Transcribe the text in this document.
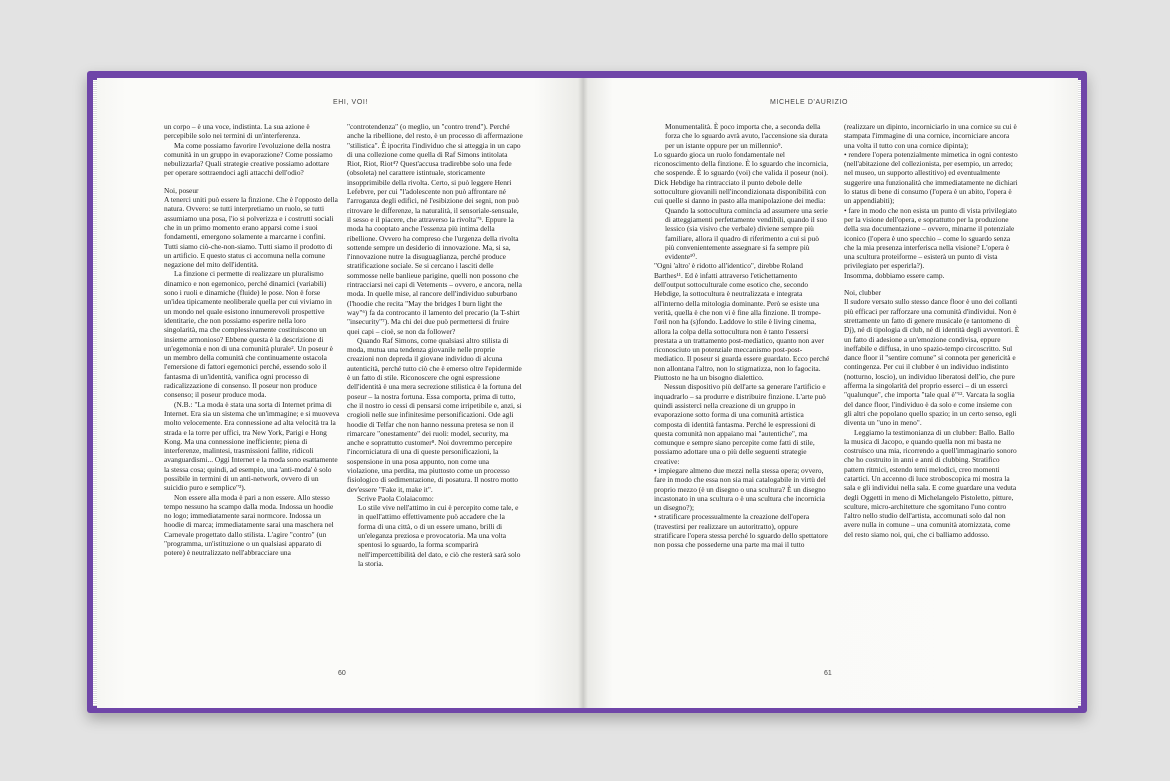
EHI, VOI!	MICHELE D'AURIZIO

un corpo – è una voce, indistinta. La sua azione è percepibile solo nei termini di un'interferenza.

Ma come possiamo favorire l'evoluzione della nostra comunità in un gruppo in evaporazione? Come possiamo nebulizzarla? Quali strategie creative possiamo adottare per operare sottraendoci agli attacchi dell'odio?

Noi, poseur

A tenerci uniti può essere la finzione. Che è l'opposto della natura. Ovvero: se tutti interpretiamo un ruolo, se tutti assumiamo una posa, l'io si polverizza e i costrutti sociali che in un primo momento erano apparsi come i suoi fondamenti, emergono solamente a marcarne i confini. Tutti siamo ciò-che-non-siamo. Tutti siamo il prodotto di un artificio. E questo status ci accomuna nella comune negazione del mito dell'identità.

La finzione ci permette di realizzare un pluralismo dinamico e non egemonico, perché dinamici (variabili) sono i ruoli e dinamiche (fluide) le pose. Non è forse un'idea tipicamente neoliberale quella per cui viviamo in un mondo nel quale esistono innumerevoli prospettive identitarie, che non possiamo esperire nella loro singolarità, ma che complessivamente costituiscono un insieme armonioso? Ebbene questa è la descrizione di un'egemonia e non di una comunità plurale². Un poseur è un membro della comunità che continuamente ostacola l'emersione di fattori egemonici perché, essendo solo il fantasma di un'identità, vanifica ogni processo di radicalizzazione di consenso. Il poseur non produce consenso; il poseur produce moda.

(N.B.: "La moda è stata una sorta di Internet prima di Internet. Era sia un sistema che un'immagine; e si muoveva molto velocemente. Era connessione ad alta velocità tra la strada e la torre per uffici, tra New York, Parigi e Hong Kong. Ma una connessione inefficiente; piena di interferenze, malintesi, trasmissioni fallite, ridicoli avanguardismi... Oggi Internet e la moda sono esattamente la stessa cosa; quindi, ad esempio, una 'anti-moda' è solo possibile in termini di un anti-network, ovvero di un suicidio puro e semplice"³).

Non essere alla moda è pari a non essere. Allo stesso tempo nessuno ha scampo dalla moda. Indossa un hoodie no logo; immediatamente sarai normcore. Indossa un hoodie di marca; immediatamente sarai una maschera nel Carnevale progettato dallo stilista. L'agire "contro" (un "programma, un'istituzione o un qualsiasi apparato di potere) è neutralizzato nell'abbracciare una

"controtendenza" (o meglio, un "contro trend"). Perché anche la ribellione, del resto, è un processo di affermazione "stilistica". È ipocrita l'individuo che si atteggia in un capo di una collezione come quella di Raf Simons intitolata Riot, Riot, Riot⁴? Quest'accusa tradirebbe solo una fede (obsoleta) nel carattere istintuale, storicamente insopprimibile della rivolta. Certo, si può leggere Henri Lefebvre, per cui "l'adolescente non può affrontare né l'arroganza degli edifici, né l'esibizione dei segni, non può ritrovare le differenze, la naturalità, il sensoriale-sensuale, il sesso e il piacere, che attraverso la rivolta"⁵. Eppure la moda ha cooptato anche l'essenza più intima della ribellione. Ovvero ha compreso che l'urgenza della rivolta sottende sempre un desiderio di innovazione. Ma, si sa, l'innovazione nutre la disuguaglianza, perché produce stratificazione sociale. Se si cercano i lasciti delle sommosse nelle banlieue parigine, quelli non possono che rintracciarsi nei capi di Vetements – ovvero, e ancora, nella moda. In quelle mise, al rancore dell'individuo suburbano (l'hoodie che recita "May the bridges I burn light the way"⁶) fa da controcanto il lamento del precario (la T-shirt "insecurity"⁷). Ma chi dei due può permettersi di fruire quei capi – cioè, se non da follower?

Quando Raf Simons, come qualsiasi altro stilista di moda, mutua una tendenza giovanile nelle proprie creazioni non depreda il giovane individuo di alcuna autenticità, perché tutto ciò che è emerso oltre l'epidermide è un fatto di stile. Riconoscere che ogni espressione dell'identità è una mera secrezione stilistica è la fortuna del poseur – la nostra fortuna. Essa comporta, prima di tutto, che il nostro io cessi di pensarsi come irripetibile e, anzi, si crogioli nelle sue infinitesime personificazioni. Ode agli hoodie di Telfar che non hanno nessuna pretesa se non il rimarcare "onestamente" dei ruoli: model, security, ma anche e soprattutto customer⁸. Noi dovremmo percepire l'incorniciatura di una di queste personificazioni, la sospensione in una posa appunto, non come una violazione, una perdita, ma piuttosto come un processo fisiologico di sedimentazione, di posatura. Il nostro motto dev'essere "Fake it, make it".

Scrive Paola Colaiacomo:

Lo stile vive nell'attimo in cui è percepito come tale, e in quell'attimo effettivamente può accadere che la forma di una città, o di un essere umano, brilli di un'eleganza preziosa e provocatoria. Ma una volta spentosi lo sguardo, la forma scomparirà nell'impercettibilità del dato, e ciò che resterà sarà solo la storia.

Monumentalità. È poco importa che, a seconda della forza che lo sguardo avrà avuto, l'accensione sia durata per un istante oppure per un millennio⁹.

Lo sguardo gioca un ruolo fondamentale nel riconoscimento della finzione. È lo sguardo che incornicia, che sospende. È lo sguardo (voi) che valida il poseur (noi). Dick Hebdige ha rintracciato il punto debole delle sottoculture giovanili nell'incondizionata disponibilità con cui quelle si danno in pasto alla manipolazione dei media:

Quando la sottocultura comincia ad assumere una serie di atteggiamenti perfettamente vendibili, quando il suo lessico (sia visivo che verbale) diviene sempre più familiare, allora il quadro di riferimento a cui si può più convenientemente assegnare si fa sempre più evidente¹⁰.

"Ogni 'altro' è ridotto all'identico", direbbe Roland Barthes¹¹. Ed è infatti attraverso l'etichettamento dell'output sottoculturale come esotico che, secondo Hebdige, la sottocultura è neutralizzata e integrata all'interno della mitologia dominante. Però se esiste una verità, quella è che non vi è fine alla finzione. Il trompe-l'œil non ha (s)fondo. Laddove lo stile è living cinema, allora la colpa della sottocultura non è tanto l'essersi prestata a un trattamento post-mediatico, quanto non aver riconosciuto un potenziale meccanismo post-post-mediatico. Il poseur si guarda essere guardato. Ecco perché non allontana l'altro, non lo stigmatizza, non lo fagocita. Piuttosto ne ha un bisogno dialettico.

Nessun dispositivo più dell'arte sa generare l'artificio e inquadrarlo – sa produrre e distribuire finzione. L'arte può quindi assistercì nella creazione di un gruppo in evaporazione sotto forma di una comunità artistica composta di identità fantasma. Perché le espressioni di questa comunità non appaiano mai "autentiche", ma comunque e sempre siano percepite come fatti di stile, possiamo adottare una o più delle seguenti strategie creative:

• impiegare almeno due mezzi nella stessa opera; ovvero, fare in modo che essa non sia mai catalogabile in virtù del proprio mezzo (è un disegno o una scultura? È un disegno incastonato in una scultura o è una scultura che incornicia un disegno?);

• stratificare processualmente la creazione dell'opera (travestirsi per realizzare un autoritratto), oppure stratificare l'opera stessa perché lo sguardo dello spettatore non possa che possederne una parte ma mai il tutto

(realizzare un dipinto, incorniciarlo in una cornice su cui è stampata l'immagine di una cornice, incorniciare ancora una volta il tutto con una cornice dipinta);

• rendere l'opera potenzialmente mimetica in ogni contesto (nell'abitazione del collezionista, per esempio, un arredo; nel museo, un supporto allestitivo) ed eventualmente suggerire una funzionalità che immediatamente ne dichiari lo status di bene di consumo (l'opera è un abito, l'opera è un appendiabiti);

• fare in modo che non esista un punto di vista privilegiato per la visione dell'opera, e soprattutto per la produzione della sua documentazione – ovvero, minarne il potenziale iconico (l'opera è uno specchio – come lo sguardo senza che la mia presenza interferisca nella visione? L'opera è una scultura proteiforme – esisterà un punto di vista privilegiato per esperirla?).

Insomma, dobbiamo essere camp.

Noi, clubber

Il sudore versato sullo stesso dance floor è uno dei collanti più efficaci per rafforzare una comunità d'individui. Non è strettamente un fatto di genere musicale (e tantomeno di Dj), né di tipologia di club, né di identità degli avventori. È un fatto di adesione a un'emozione condivisa, eppure ineffabile e diffusa, in uno spazio-tempo circoscritto. Sul dance floor il "sentire comune" si connota per genericità e contingenza. Per cui il clubber è un individuo indistinto (notturno, loscio), un individuo liberatosi dell'io, che pure afferma la singolarità del proprio esserci – di un esserci "qualunque", che importa "tale qual è"¹². Varcata la soglia del dance floor, l'individuo è da solo e come insieme con gli altri che popolano quello spazio; in un certo senso, egli diventa un "uno in meno".

Leggiamo la testimonianza di un clubber: Ballo. Ballo la musica di Jacopo, e quando quella non mi basta ne costruisco una mia, ricorrendo a quell'immaginario sonoro che ho costruito in anni e anni di clubbing. Stratifico pattern ritmici, estendo temi melodici, creo momenti catartici. Un accenno di luce stroboscopica mi mostra la sala e gli individui nella sala. E come guardare una veduta degli Oggetti in meno di Michelangelo Pistoletto, pitture, sculture, micro-architetture che sgomitano l'uno contro l'altro nello studio dell'artista, accomunati solo dal non avere nulla in comune – una comunità atomizzata, come del resto siamo noi, qui, che ci balliamo addosso.

60	61
